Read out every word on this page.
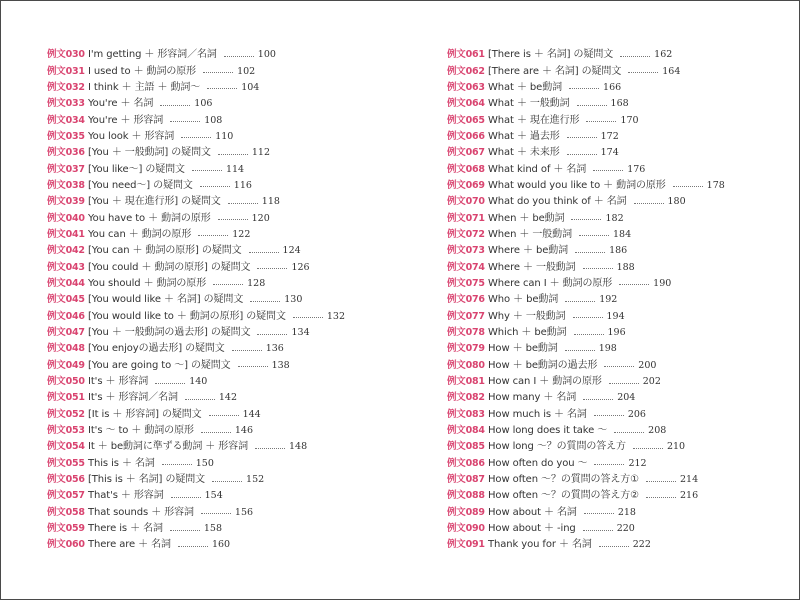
例文030 I'm getting ＋ 形容詞／名詞	100
例文031 I used to ＋ 動詞の原形	102
例文032 I think ＋ 主語 ＋ 動詞～	104
例文033 You're ＋ 名詞	106
例文034 You're ＋ 形容詞	108
例文035 You look ＋ 形容詞	110
例文036 [You ＋ 一般動詞] の疑問文	112
例文037 [You like～] の疑問文	114
例文038 [You need～] の疑問文	116
例文039 [You ＋ 現在進行形] の疑問文	118
例文040 You have to ＋ 動詞の原形	120
例文041 You can ＋ 動詞の原形	122
例文042 [You can ＋ 動詞の原形] の疑問文	124
例文043 [You could ＋ 動詞の原形] の疑問文	126
例文044 You should ＋ 動詞の原形	128
例文045 [You would like ＋ 名詞] の疑問文	130
例文046 [You would like to ＋ 動詞の原形] の疑問文	132
例文047 [You ＋ 一般動詞の過去形] の疑問文	134
例文048 [You enjoyの過去形] の疑問文	136
例文049 [You are going to ～] の疑問文	138
例文050 It's ＋ 形容詞	140
例文051 It's ＋ 形容詞／名詞	142
例文052 [It is ＋ 形容詞] の疑問文	144
例文053 It's ～ to ＋ 動詞の原形	146
例文054 It ＋ be動詞に準ずる動詞 ＋ 形容詞	148
例文055 This is ＋ 名詞	150
例文056 [This is ＋ 名詞] の疑問文	152
例文057 That's ＋ 形容詞	154
例文058 That sounds ＋ 形容詞	156
例文059 There is ＋ 名詞	158
例文060 There are ＋ 名詞	160
例文061 [There is ＋ 名詞] の疑問文	162
例文062 [There are ＋ 名詞] の疑問文	164
例文063 What ＋ be動詞	166
例文064 What ＋ 一般動詞	168
例文065 What ＋ 現在進行形	170
例文066 What ＋ 過去形	172
例文067 What ＋ 未来形	174
例文068 What kind of ＋ 名詞	176
例文069 What would you like to ＋ 動詞の原形	178
例文070 What do you think of ＋ 名詞	180
例文071 When ＋ be動詞	182
例文072 When ＋ 一般動詞	184
例文073 Where ＋ be動詞	186
例文074 Where ＋ 一般動詞	188
例文075 Where can I ＋ 動詞の原形	190
例文076 Who ＋ be動詞	192
例文077 Why ＋ 一般動詞	194
例文078 Which ＋ be動詞	196
例文079 How ＋ be動詞	198
例文080 How ＋ be動詞の過去形	200
例文081 How can I ＋ 動詞の原形	202
例文082 How many ＋ 名詞	204
例文083 How much is ＋ 名詞	206
例文084 How long does it take ～	208
例文085 How long ～？の質問の答え方	210
例文086 How often do you ～	212
例文087 How often ～？の質問の答え方①	214
例文088 How often ～？の質問の答え方②	216
例文089 How about ＋ 名詞	218
例文090 How about ＋ -ing	220
例文091 Thank you for ＋ 名詞	222
